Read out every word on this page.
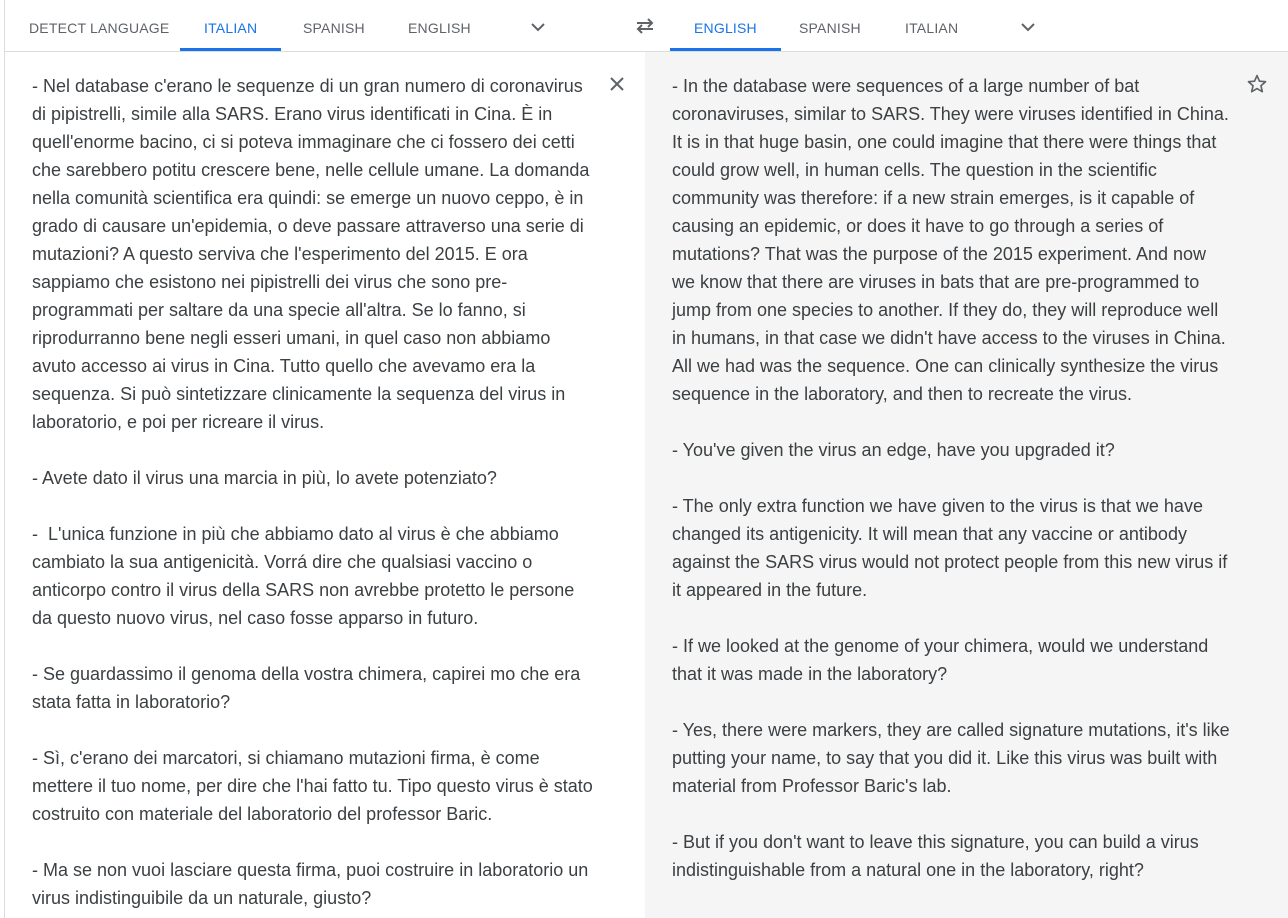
DETECT LANGUAGE	ITALIAN	SPANISH	ENGLISH	ENGLISH	SPANISH	ITALIAN
- Nel database c'erano le sequenze di un gran numero di coronavirus di pipistrelli, simile alla SARS. Erano virus identificati in Cina. È in quell'enorme bacino, ci si poteva immaginare che ci fossero dei cetti che sarebbero potitu crescere bene, nelle cellule umane. La domanda nella comunità scientifica era quindi: se emerge un nuovo ceppo, è in grado di causare un'epidemia, o deve passare attraverso una serie di mutazioni? A questo serviva che l'esperimento del 2015. E ora sappiamo che esistono nei pipistrelli dei virus che sono pre-programmati per saltare da una specie all'altra. Se lo fanno, si riprodurranno bene negli esseri umani, in quel caso non abbiamo avuto accesso ai virus in Cina. Tutto quello che avevamo era la sequenza. Si può sintetizzare clinicamente la sequenza del virus in laboratorio, e poi per ricreare il virus.

- Avete dato il virus una marcia in più, lo avete potenziato?

-  L'unica funzione in più che abbiamo dato al virus è che abbiamo cambiato la sua antigenicità. Vorrá dire che qualsiasi vaccino o anticorpo contro il virus della SARS non avrebbe protetto le persone da questo nuovo virus, nel caso fosse apparso in futuro.

- Se guardassimo il genoma della vostra chimera, capirei mo che era stata fatta in laboratorio?

- Sì, c'erano dei marcatori, si chiamano mutazioni firma, è come mettere il tuo nome, per dire che l'hai fatto tu. Tipo questo virus è stato costruito con materiale del laboratorio del professor Baric.

- Ma se non vuoi lasciare questa firma, puoi costruire in laboratorio un virus indistinguibile da un naturale, giusto?
- In the database were sequences of a large number of bat coronaviruses, similar to SARS. They were viruses identified in China. It is in that huge basin, one could imagine that there were things that could grow well, in human cells. The question in the scientific community was therefore: if a new strain emerges, is it capable of causing an epidemic, or does it have to go through a series of mutations? That was the purpose of the 2015 experiment. And now we know that there are viruses in bats that are pre-programmed to jump from one species to another. If they do, they will reproduce well in humans, in that case we didn't have access to the viruses in China. All we had was the sequence. One can clinically synthesize the virus sequence in the laboratory, and then to recreate the virus.

- You've given the virus an edge, have you upgraded it?

- The only extra function we have given to the virus is that we have changed its antigenicity. It will mean that any vaccine or antibody against the SARS virus would not protect people from this new virus if it appeared in the future.

- If we looked at the genome of your chimera, would we understand that it was made in the laboratory?

- Yes, there were markers, they are called signature mutations, it's like putting your name, to say that you did it. Like this virus was built with material from Professor Baric's lab.

- But if you don't want to leave this signature, you can build a virus indistinguishable from a natural one in the laboratory, right?
